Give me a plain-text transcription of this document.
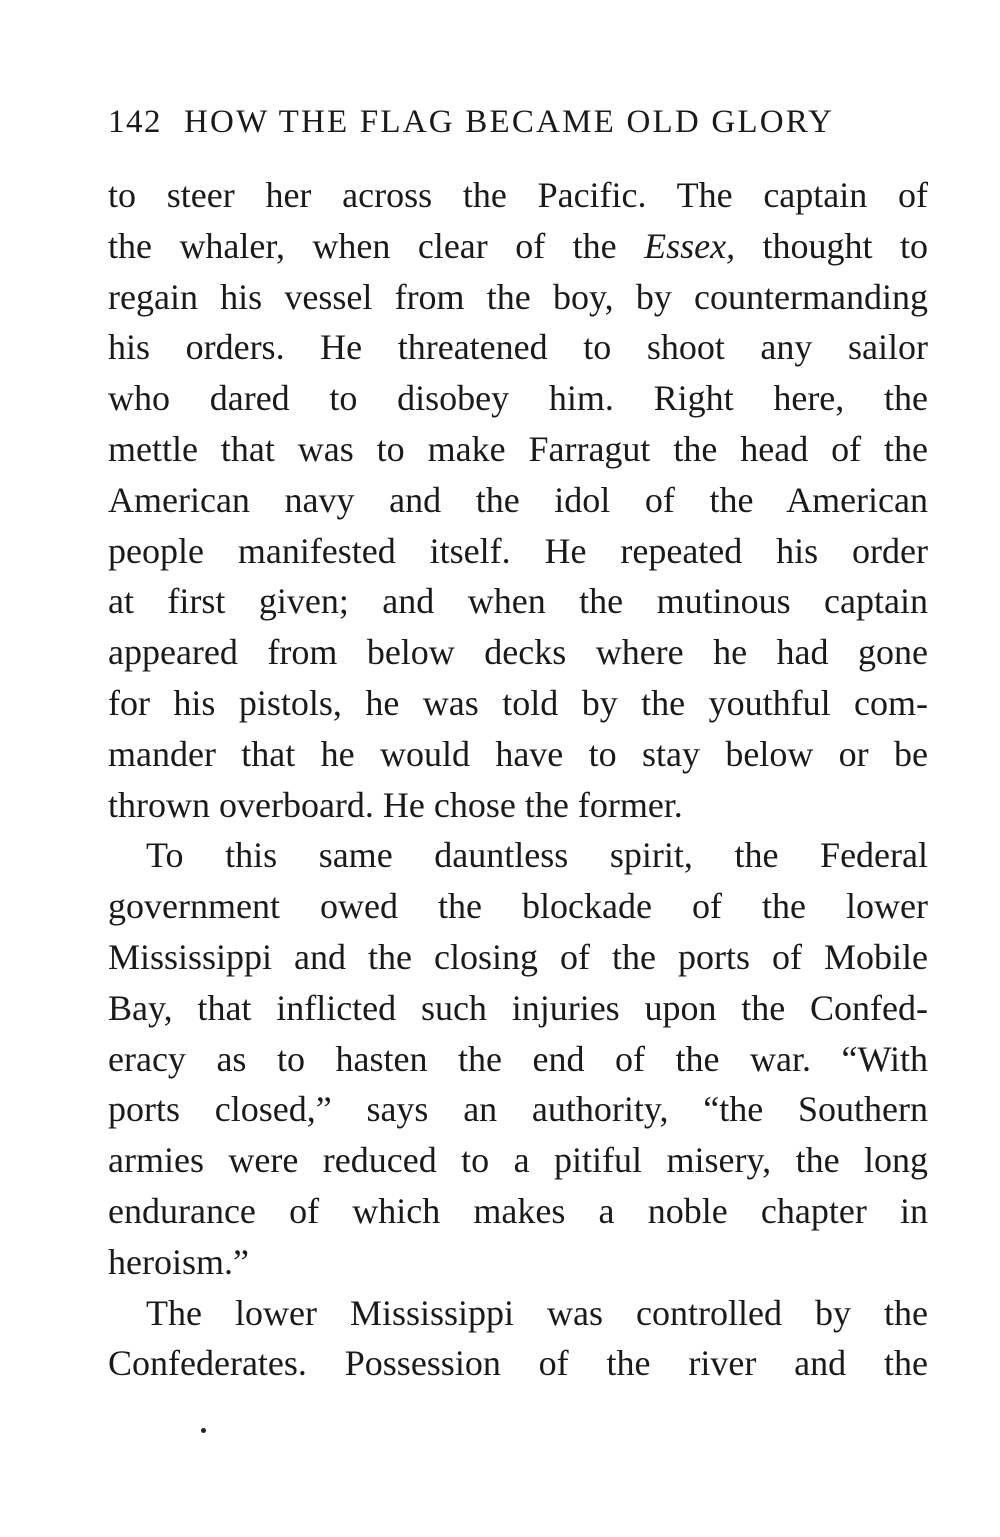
142 HOW THE FLAG BECAME OLD GLORY
to steer her across the Pacific. The captain of
the whaler, when clear of the Essex, thought to
regain his vessel from the boy, by countermanding
his orders. He threatened to shoot any sailor
who dared to disobey him. Right here, the
mettle that was to make Farragut the head of the
American navy and the idol of the American
people manifested itself. He repeated his order
at first given; and when the mutinous captain
appeared from below decks where he had gone
for his pistols, he was told by the youthful com-
mander that he would have to stay below or be
thrown overboard. He chose the former.
To this same dauntless spirit, the Federal
government owed the blockade of the lower
Mississippi and the closing of the ports of Mobile
Bay, that inflicted such injuries upon the Confed-
eracy as to hasten the end of the war. “With
ports closed,” says an authority, “the Southern
armies were reduced to a pitiful misery, the long
endurance of which makes a noble chapter in
heroism.”
The lower Mississippi was controlled by the
Confederates. Possession of the river and the
